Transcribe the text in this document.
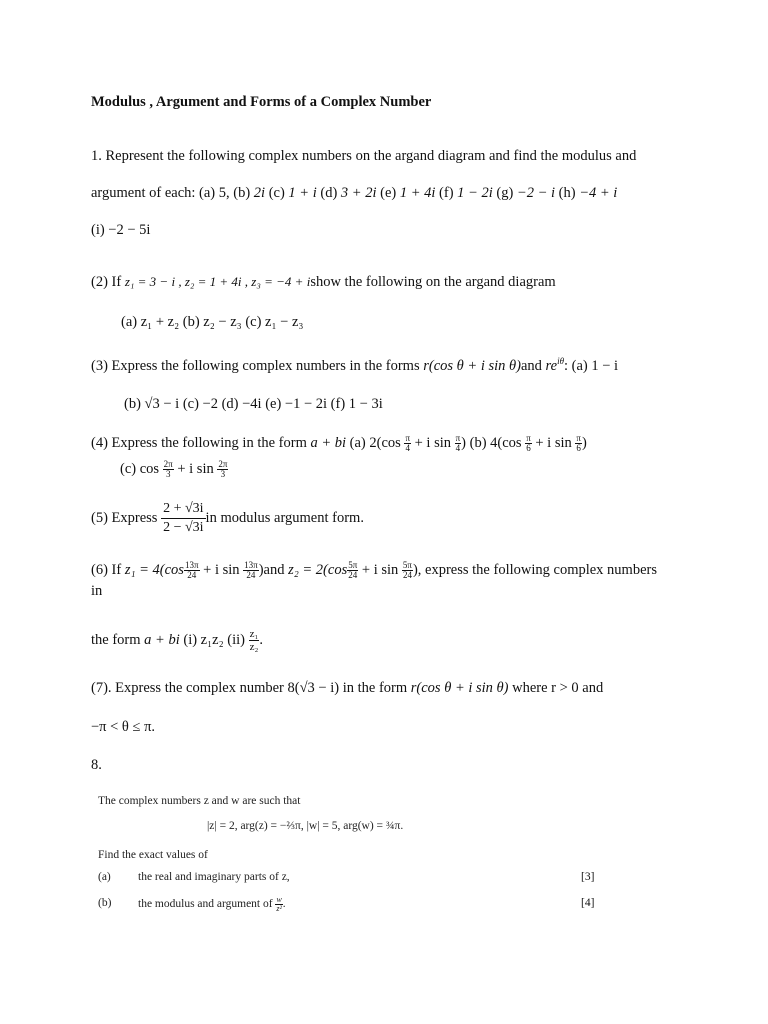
Modulus , Argument and Forms of a Complex Number
1. Represent the following complex numbers on the argand diagram and find the modulus and
argument of each: (a) 5, (b) 2i (c) 1 + i (d) 3 + 2i (e) 1 + 4i (f) 1 − 2i (g) −2 − i (h) −4 + i
(i) −2 − 5i
(2) If z₁ = 3 − i , z₂ = 1 + 4i , z₃ = −4 + ishow the following on the argand diagram
(a) z₁ + z₂ (b) z₂ − z₃ (c) z₁ − z₃
(3) Express the following complex numbers in the forms r(cos θ + i sin θ)and $re^{i\theta}$: (a) 1 − i
(b) √3 − i (c) −2 (d) −4i (e) −1 − 2i (f) 1 − 3i
(4) Express the following in the form a + bi (a) $2(\cos \frac{\pi}{4} + i$ $\sin \frac{\pi}{4}$ ) (b) $4(\cos \frac{\pi}{6} + i$ $\sin \frac{\pi}{6}$ )
(c) $\cos \frac{2\pi}{3} + i$ $\sin \frac{2\pi}{3}$
(5) Express $\frac{2 + √3i}{2 - √3i}$ in modulus argument form.
(6) If $z_1 = 4(\cos \frac{13\pi}{24} + i$ $\sin \frac{13\pi}{24} )and$ $z_2 = 2(\cos \frac{5\pi}{24} + i$ $\sin \frac{5\pi}{24}$ ), express the following complex numbers
in
the form a + bi (i) z₁z₂ $(ii) \frac{\text{z₁}}{\text{z₂}}$ .
(7). Express the complex number 8(√3 − i) in the form r(cos θ + i sin θ) where r > 0 and
−π < θ ≤ π.
8.
The complex numbers z and w are such that
|z| = 2, arg(z) = −⅔π, |w| = 5, arg(w) = ¾π.
Find the exact values of
(a) the real and imaginary parts of z,	[3]
(b) the modulus and argument of $\frac{w}{\text{z²}}$ .	[4]
